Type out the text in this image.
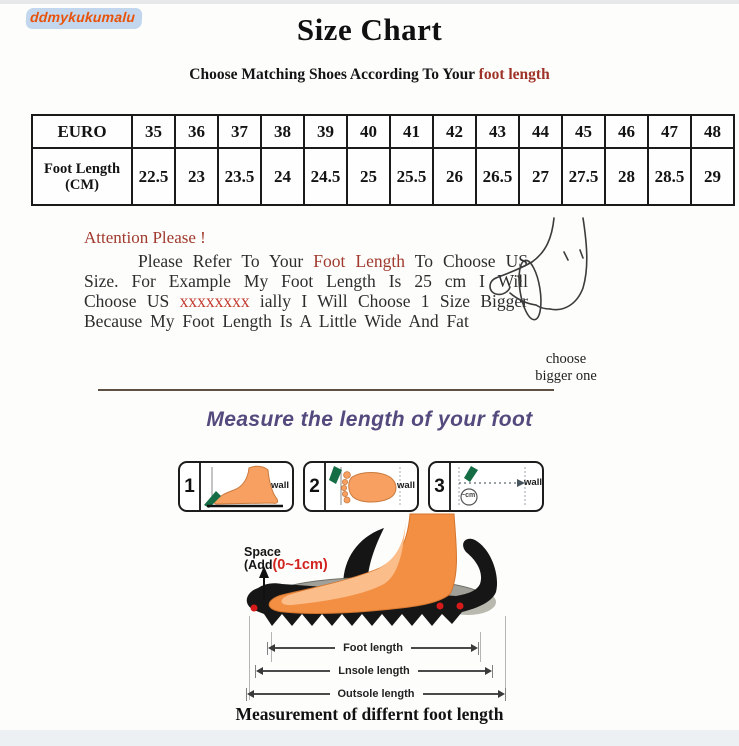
ddmykukumalu	Size Chart
Choose Matching Shoes According To Your foot length
EURO	35	36	37	38	39	40	41	42	43	44	45	46	47	48
Foot Length (CM)	22.5	23	23.5	24	24.5	25	25.5	26	26.5	27	27.5	28	28.5	29
Attention Please !
Please Refer To Your Foot Length To Choose US Size. For Example My Foot Length Is 25 cm I Will Choose US xxxxxxxx ially I Will Choose 1 Size Bigger Because My Foot Length Is A Little Wide And Fat
choose
bigger one
Measure the length of your foot
1	wall 2	wall 3	~cm
wall
Space
(Add(0~1cm)
Foot length
Lnsole length
Outsole length
Measurement of differnt foot length
